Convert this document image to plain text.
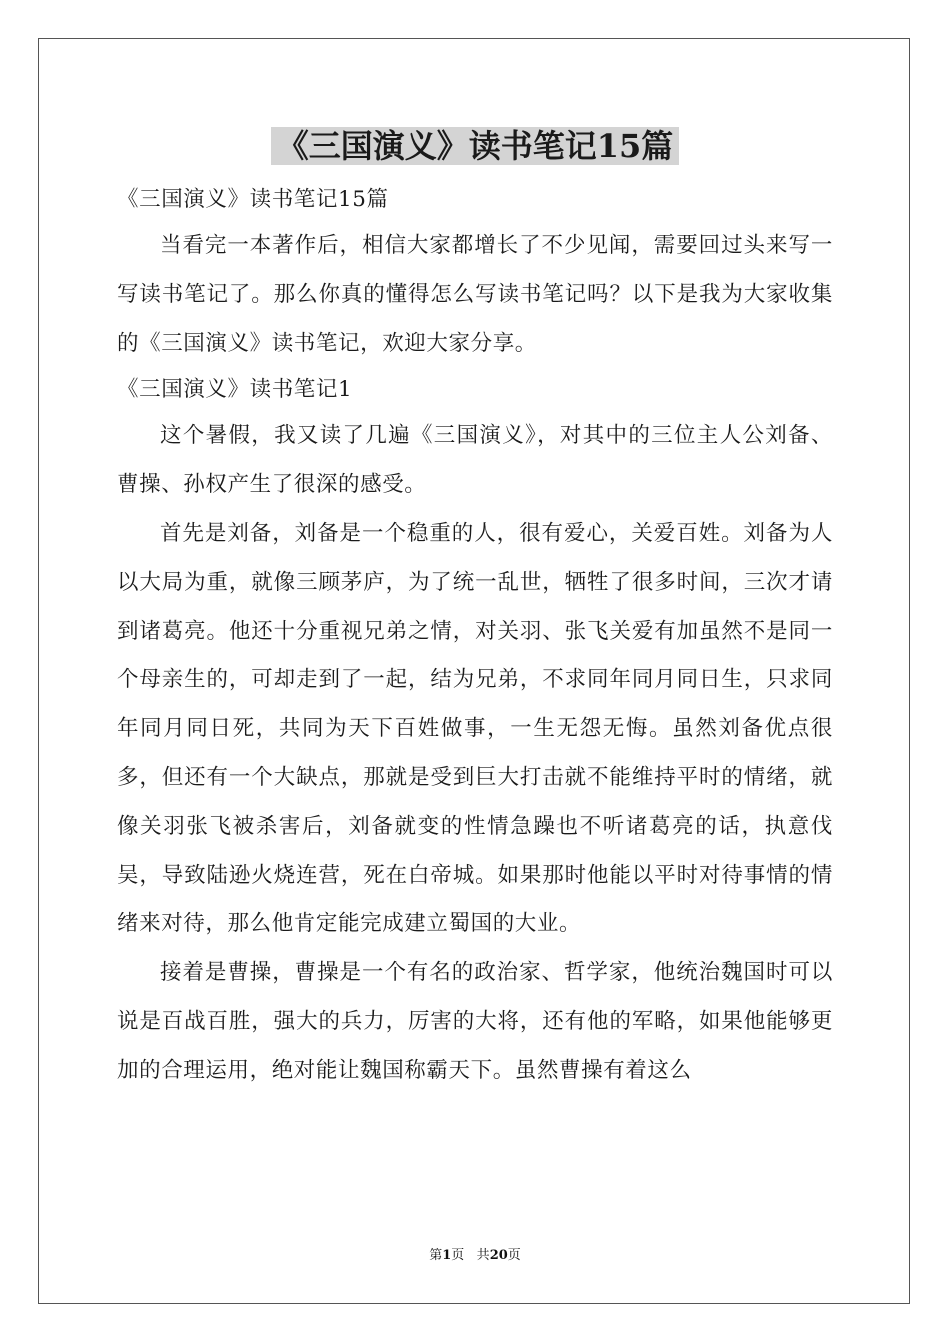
《三国演义》读书笔记15篇

《三国演义》读书笔记15篇

当看完一本著作后，相信大家都增长了不少见闻，需要回过头来写一写读书笔记了。那么你真的懂得怎么写读书笔记吗？以下是我为大家收集的《三国演义》读书笔记，欢迎大家分享。

《三国演义》读书笔记1

这个暑假，我又读了几遍《三国演义》，对其中的三位主人公刘备、曹操、孙权产生了很深的感受。

首先是刘备，刘备是一个稳重的人，很有爱心，关爱百姓。刘备为人以大局为重，就像三顾茅庐，为了统一乱世，牺牲了很多时间，三次才请到诸葛亮。他还十分重视兄弟之情，对关羽、张飞关爱有加虽然不是同一个母亲生的，可却走到了一起，结为兄弟，不求同年同月同日生，只求同年同月同日死，共同为天下百姓做事，一生无怨无悔。虽然刘备优点很多，但还有一个大缺点，那就是受到巨大打击就不能维持平时的情绪，就像关羽张飞被杀害后，刘备就变的性情急躁也不听诸葛亮的话，执意伐吴，导致陆逊火烧连营，死在白帝城。如果那时他能以平时对待事情的情绪来对待，那么他肯定能完成建立蜀国的大业。

接着是曹操，曹操是一个有名的政治家、哲学家，他统治魏国时可以说是百战百胜，强大的兵力，厉害的大将，还有他的军略，如果他能够更加的合理运用，绝对能让魏国称霸天下。虽然曹操有着这么

第1页 共20页
